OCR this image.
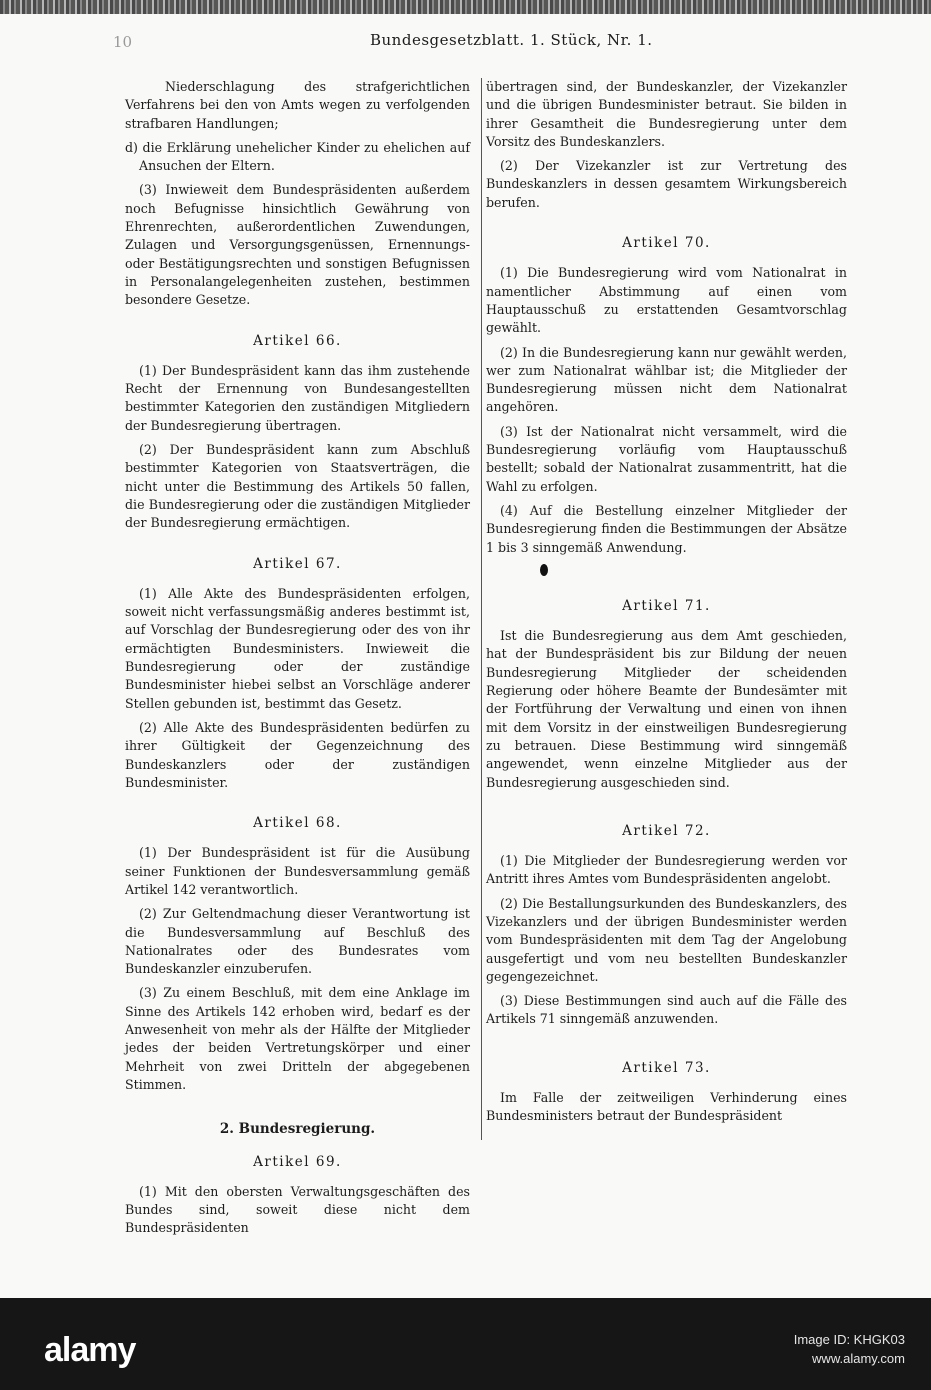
10	Bundesgesetzblatt. 1. Stück, Nr. 1.

Niederschlagung des strafgerichtlichen Verfahrens bei den von Amts wegen zu verfolgenden strafbaren Handlungen;

d) die Erklärung unehelicher Kinder zu ehelichen auf Ansuchen der Eltern.

(3) Inwieweit dem Bundespräsidenten außerdem noch Befugnisse hinsichtlich Gewährung von Ehrenrechten, außerordentlichen Zuwendungen, Zulagen und Versorgungsgenüssen, Ernennungs- oder Bestätigungsrechten und sonstigen Befugnissen in Personalangelegenheiten zustehen, bestimmen besondere Gesetze.

Artikel 66.

(1) Der Bundespräsident kann das ihm zustehende Recht der Ernennung von Bundesangestellten bestimmter Kategorien den zuständigen Mitgliedern der Bundesregierung übertragen.

(2) Der Bundespräsident kann zum Abschluß bestimmter Kategorien von Staatsverträgen, die nicht unter die Bestimmung des Artikels 50 fallen, die Bundesregierung oder die zuständigen Mitglieder der Bundesregierung ermächtigen.

Artikel 67.

(1) Alle Akte des Bundespräsidenten erfolgen, soweit nicht verfassungsmäßig anderes bestimmt ist, auf Vorschlag der Bundesregierung oder des von ihr ermächtigten Bundesministers. Inwieweit die Bundesregierung oder der zuständige Bundesminister hiebei selbst an Vorschläge anderer Stellen gebunden ist, bestimmt das Gesetz.

(2) Alle Akte des Bundespräsidenten bedürfen zu ihrer Gültigkeit der Gegenzeichnung des Bundeskanzlers oder der zuständigen Bundesminister.

Artikel 68.

(1) Der Bundespräsident ist für die Ausübung seiner Funktionen der Bundesversammlung gemäß Artikel 142 verantwortlich.

(2) Zur Geltendmachung dieser Verantwortung ist die Bundesversammlung auf Beschluß des Nationalrates oder des Bundesrates vom Bundeskanzler einzuberufen.

(3) Zu einem Beschluß, mit dem eine Anklage im Sinne des Artikels 142 erhoben wird, bedarf es der Anwesenheit von mehr als der Hälfte der Mitglieder jedes der beiden Vertretungskörper und einer Mehrheit von zwei Dritteln der abgegebenen Stimmen.

2. Bundesregierung.
Artikel 69.

(1) Mit den obersten Verwaltungsgeschäften des Bundes sind, soweit diese nicht dem Bundespräsidenten

übertragen sind, der Bundeskanzler, der Vizekanzler und die übrigen Bundesminister betraut. Sie bilden in ihrer Gesamtheit die Bundesregierung unter dem Vorsitz des Bundeskanzlers.

(2) Der Vizekanzler ist zur Vertretung des Bundeskanzlers in dessen gesamtem Wirkungsbereich berufen.

Artikel 70.

(1) Die Bundesregierung wird vom Nationalrat in namentlicher Abstimmung auf einen vom Hauptausschuß zu erstattenden Gesamtvorschlag gewählt.

(2) In die Bundesregierung kann nur gewählt werden, wer zum Nationalrat wählbar ist; die Mitglieder der Bundesregierung müssen nicht dem Nationalrat angehören.

(3) Ist der Nationalrat nicht versammelt, wird die Bundesregierung vorläufig vom Hauptausschuß bestellt; sobald der Nationalrat zusammentritt, hat die Wahl zu erfolgen.

(4) Auf die Bestellung einzelner Mitglieder der Bundesregierung finden die Bestimmungen der Absätze 1 bis 3 sinngemäß Anwendung.

Artikel 71.

Ist die Bundesregierung aus dem Amt geschieden, hat der Bundespräsident bis zur Bildung der neuen Bundesregierung Mitglieder der scheidenden Regierung oder höhere Beamte der Bundesämter mit der Fortführung der Verwaltung und einen von ihnen mit dem Vorsitz in der einstweiligen Bundesregierung zu betrauen. Diese Bestimmung wird sinngemäß angewendet, wenn einzelne Mitglieder aus der Bundesregierung ausgeschieden sind.

Artikel 72.

(1) Die Mitglieder der Bundesregierung werden vor Antritt ihres Amtes vom Bundespräsidenten angelobt.

(2) Die Bestallungsurkunden des Bundeskanzlers, des Vizekanzlers und der übrigen Bundesminister werden vom Bundespräsidenten mit dem Tag der Angelobung ausgefertigt und vom neu bestellten Bundeskanzler gegengezeichnet.

(3) Diese Bestimmungen sind auch auf die Fälle des Artikels 71 sinngemäß anzuwenden.

Artikel 73.

Im Falle der zeitweiligen Verhinderung eines Bundesministers betraut der Bundespräsident

alamy	Image ID: KHGK03
www.alamy.com
